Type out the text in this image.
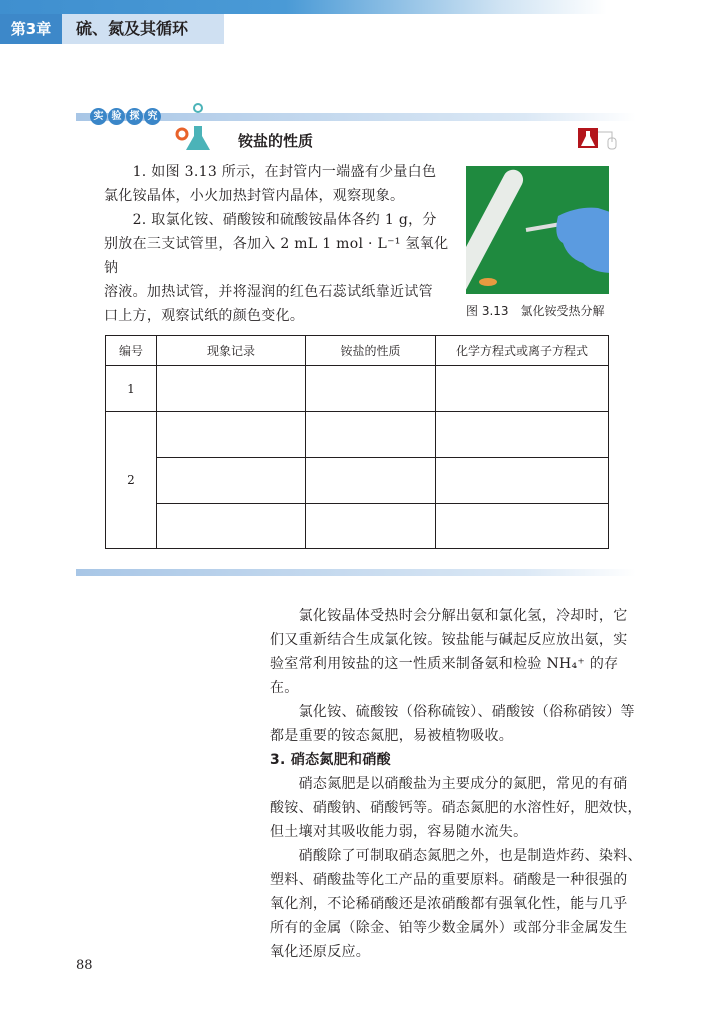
第3章	硫、氮及其循环
实 验 探 究
铵盐的性质

　　1. 如图 3.13 所示，在封管内一端盛有少量白色

氯化铵晶体，小火加热封管内晶体，观察现象。

　　2. 取氯化铵、硝酸铵和硫酸铵晶体各约 1 g，分

别放在三支试管里，各加入 2 mL 1 mol · L⁻¹ 氢氧化钠

溶液。加热试管，并将湿润的红色石蕊试纸靠近试管

口上方，观察试纸的颜色变化。	图 3.13　氯化铵受热分解
编号	现象记录	铵盐的性质	化学方程式或离子方程式
1			
2			

　　氯化铵晶体受热时会分解出氨和氯化氢，冷却时，它

们又重新结合生成氯化铵。铵盐能与碱起反应放出氨，实

验室常利用铵盐的这一性质来制备氨和检验 NH₄⁺ 的存在。

　　氯化铵、硫酸铵（俗称硫铵）、硝酸铵（俗称硝铵）等

都是重要的铵态氮肥，易被植物吸收。

3. 硝态氮肥和硝酸

　　硝态氮肥是以硝酸盐为主要成分的氮肥，常见的有硝

酸铵、硝酸钠、硝酸钙等。硝态氮肥的水溶性好，肥效快，

但土壤对其吸收能力弱，容易随水流失。

　　硝酸除了可制取硝态氮肥之外，也是制造炸药、染料、

塑料、硝酸盐等化工产品的重要原料。硝酸是一种很强的

氧化剂，不论稀硝酸还是浓硝酸都有强氧化性，能与几乎

所有的金属（除金、铂等少数金属外）或部分非金属发生

氧化还原反应。

88
